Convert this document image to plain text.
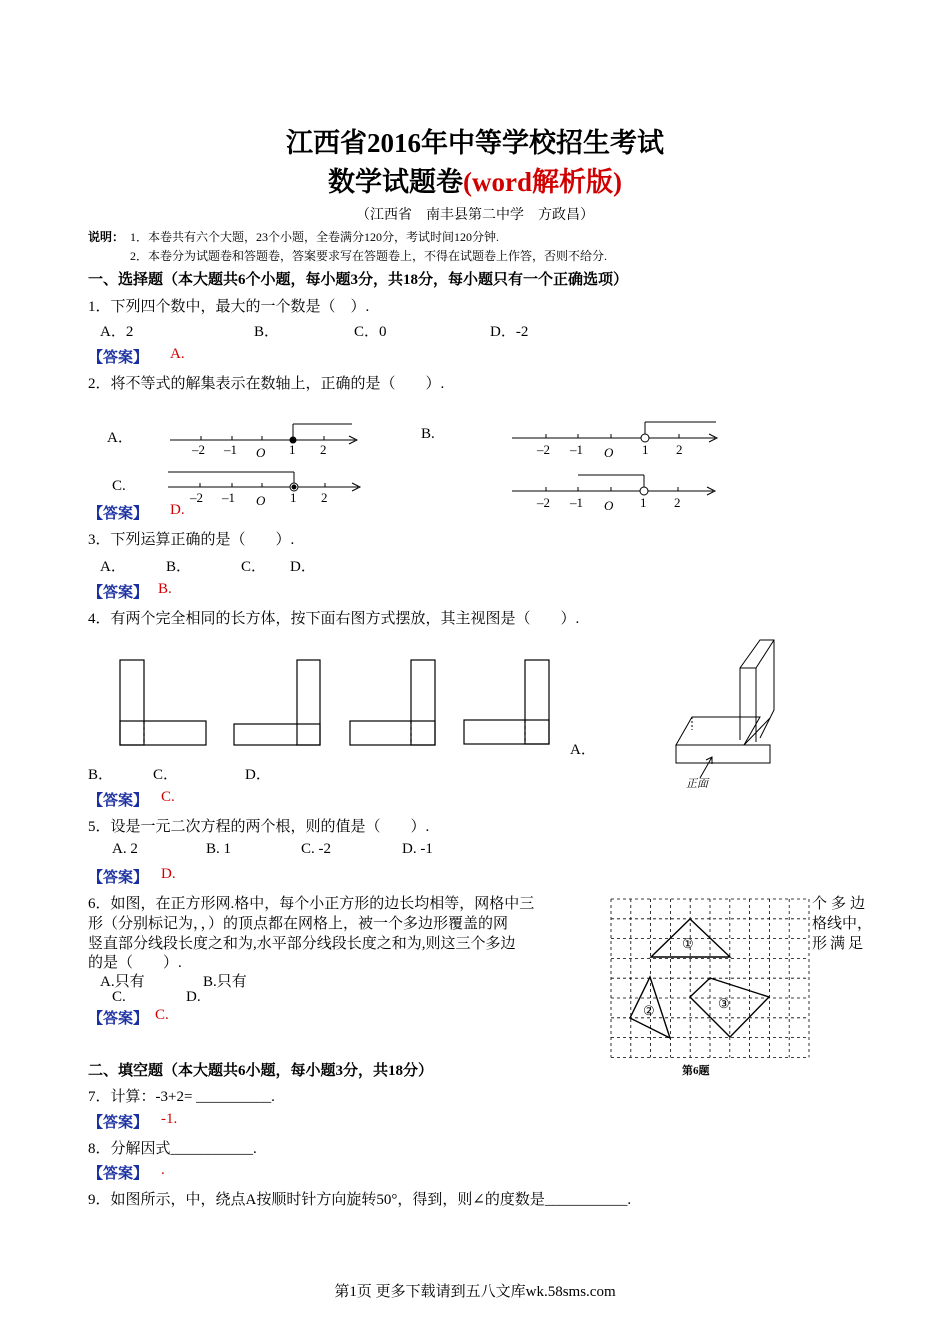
江西省2016年中等学校招生考试
数学试题卷(word解析版)
（江西省　南丰县第二中学　方政昌）
说明： 1．本卷共有六个大题，23个小题，全卷满分120分，考试时间120分钟.
2．本卷分为试题卷和答题卷，答案要求写在答题卷上，不得在试题卷上作答，否则不给分.
一、选择题（本大题共6个小题，每小题3分，共18分，每小题只有一个正确选项）
1．下列四个数中，最大的一个数是（　）.
A．2	B．	C．0	D．-2
【答案】 A.
2．将不等式的解集表示在数轴上，正确的是（　　）.
A．	B.
C.
–2 –1 O 1 2	–2 –1 O 1 2
–2 –1 O 1 2	–2 –1 O 1 2
正面
①
②	③
第6题
【答案】 D.
3．下列运算正确的是（　　）.
A．	B．	C． D．
【答案】 B.
4．有两个完全相同的长方体，按下面右图方式摆放，其主视图是（　　）.
A．
B．	C．	D．
【答案】 C.
5．设是一元二次方程的两个根，则的值是（　　）.
A. 2	B. 1	C. -2	D. -1
【答案】 D.
6．如图，在正方形网.格中，每个小正方形的边长均相等，网格中三	个多边
形（分别标记为，，）的顶点都在网格上，被一个多边形覆盖的网	格线中，
竖直部分线段长度之和为,水平部分线段长度之和为,则这三个多边	形满足
的是（　　）.
A.只有	B.只有
C.	D.
【答案】 C.
二、填空题（本大题共6小题，每小题3分，共18分）
7．计算：-3+2= __________.
【答案】 -1.
8．分解因式___________.
【答案】 .
9．如图所示，中，绕点A按顺时针方向旋转50°，得到，则∠的度数是___________.
第1页 更多下载请到五八文库wk.58sms.com
